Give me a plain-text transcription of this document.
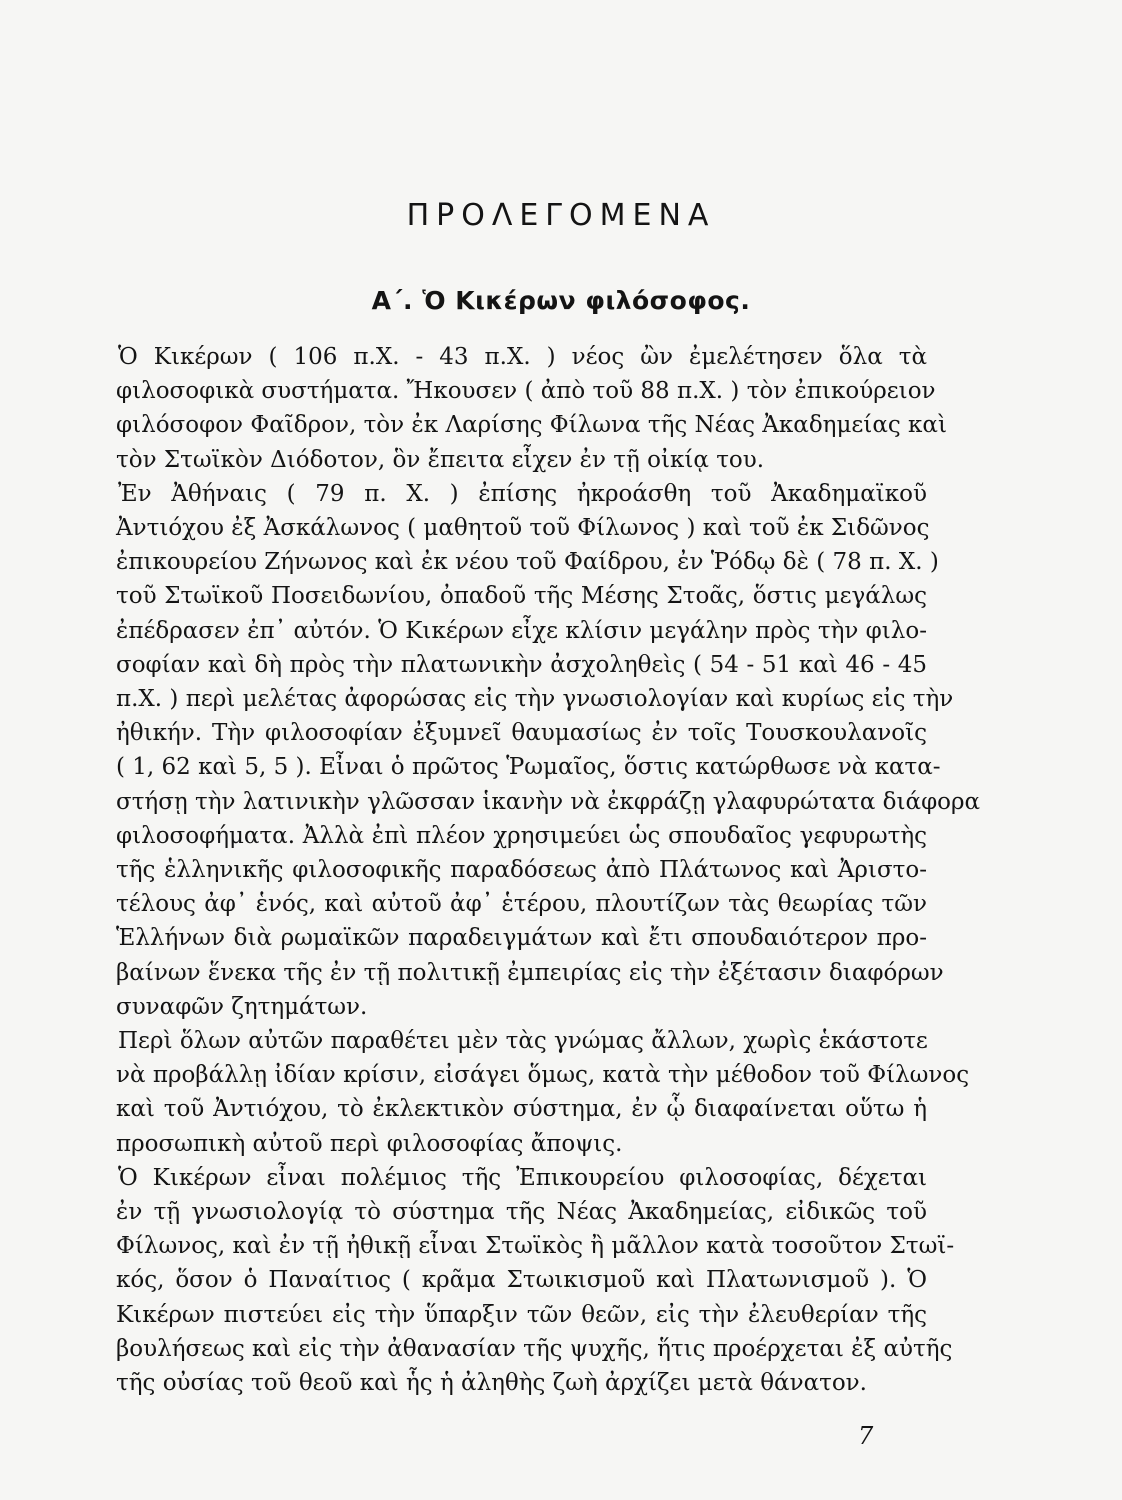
ΠΡΟΛΕΓΟΜΕΝΑ
Α΄. Ὁ Κικέρων φιλόσοφος.

Ὁ Κικέρων ( 106 π.Χ. - 43 π.Χ. ) νέος ὢν ἐμελέτησεν ὅλα τὰ
φιλοσοφικὰ συστήματα. Ἤκουσεν ( ἀπὸ τοῦ 88 π.Χ. ) τὸν ἐπικούρειον
φιλόσοφον Φαῖδρον, τὸν ἐκ Λαρίσης Φίλωνα τῆς Νέας Ἀκαδημείας καὶ
τὸν Στωϊκὸν Διόδοτον, ὃν ἔπειτα εἶχεν ἐν τῇ οἰκίᾳ του.

Ἐν Ἀθήναις ( 79 π. Χ. ) ἐπίσης ἠκροάσθη τοῦ Ἀκαδημαϊκοῦ
Ἀντιόχου ἐξ Ἀσκάλωνος ( μαθητοῦ τοῦ Φίλωνος ) καὶ τοῦ ἐκ Σιδῶνος
ἐπικουρείου Ζήνωνος καὶ ἐκ νέου τοῦ Φαίδρου, ἐν Ῥόδῳ δὲ ( 78 π. Χ. )
τοῦ Στωϊκοῦ Ποσειδωνίου, ὀπαδοῦ τῆς Μέσης Στοᾶς, ὅστις μεγάλως
ἐπέδρασεν ἐπ᾽ αὐτόν. Ὁ Κικέρων εἶχε κλίσιν μεγάλην πρὸς τὴν φιλο-
σοφίαν καὶ δὴ πρὸς τὴν πλατωνικὴν ἀσχοληθεὶς ( 54 - 51 καὶ 46 - 45
π.Χ. ) περὶ μελέτας ἀφορώσας εἰς τὴν γνωσιολογίαν καὶ κυρίως εἰς τὴν
ἠθικήν. Τὴν φιλοσοφίαν ἐξυμνεῖ θαυμασίως ἐν τοῖς Τουσκουλανοῖς
( 1, 62 καὶ 5, 5 ). Εἶναι ὁ πρῶτος Ῥωμαῖος, ὅστις κατώρθωσε νὰ κατα-
στήσῃ τὴν λατινικὴν γλῶσσαν ἱκανὴν νὰ ἐκφράζῃ γλαφυρώτατα διάφορα
φιλοσοφήματα. Ἀλλὰ ἐπὶ πλέον χρησιμεύει ὡς σπουδαῖος γεφυρωτὴς
τῆς ἑλληνικῆς φιλοσοφικῆς παραδόσεως ἀπὸ Πλάτωνος καὶ Ἀριστο-
τέλους ἀφ᾽ ἑνός, καὶ αὐτοῦ ἀφ᾽ ἑτέρου, πλουτίζων τὰς θεωρίας τῶν
Ἑλλήνων διὰ ρωμαϊκῶν παραδειγμάτων καὶ ἔτι σπουδαιότερον προ-
βαίνων ἕνεκα τῆς ἐν τῇ πολιτικῇ ἐμπειρίας εἰς τὴν ἐξέτασιν διαφόρων
συναφῶν ζητημάτων.

Περὶ ὅλων αὐτῶν παραθέτει μὲν τὰς γνώμας ἄλλων, χωρὶς ἑκάστοτε
νὰ προβάλλῃ ἰδίαν κρίσιν, εἰσάγει ὅμως, κατὰ τὴν μέθοδον τοῦ Φίλωνος
καὶ τοῦ Ἀντιόχου, τὸ ἐκλεκτικὸν σύστημα, ἐν ᾧ διαφαίνεται οὕτω ἡ
προσωπικὴ αὐτοῦ περὶ φιλοσοφίας ἄποψις.

Ὁ Κικέρων εἶναι πολέμιος τῆς Ἐπικουρείου φιλοσοφίας, δέχεται
ἐν τῇ γνωσιολογίᾳ τὸ σύστημα τῆς Νέας Ἀκαδημείας, εἰδικῶς τοῦ
Φίλωνος, καὶ ἐν τῇ ἠθικῇ εἶναι Στωϊκὸς ἢ μᾶλλον κατὰ τοσοῦτον Στωϊ-
κός, ὅσον ὁ Παναίτιος ( κρᾶμα Στωικισμοῦ καὶ Πλατωνισμοῦ ). Ὁ
Κικέρων πιστεύει εἰς τὴν ὕπαρξιν τῶν θεῶν, εἰς τὴν ἐλευθερίαν τῆς
βουλήσεως καὶ εἰς τὴν ἀθανασίαν τῆς ψυχῆς, ἥτις προέρχεται ἐξ αὐτῆς
τῆς οὐσίας τοῦ θεοῦ καὶ ἧς ἡ ἀληθὴς ζωὴ ἀρχίζει μετὰ θάνατον.

7
